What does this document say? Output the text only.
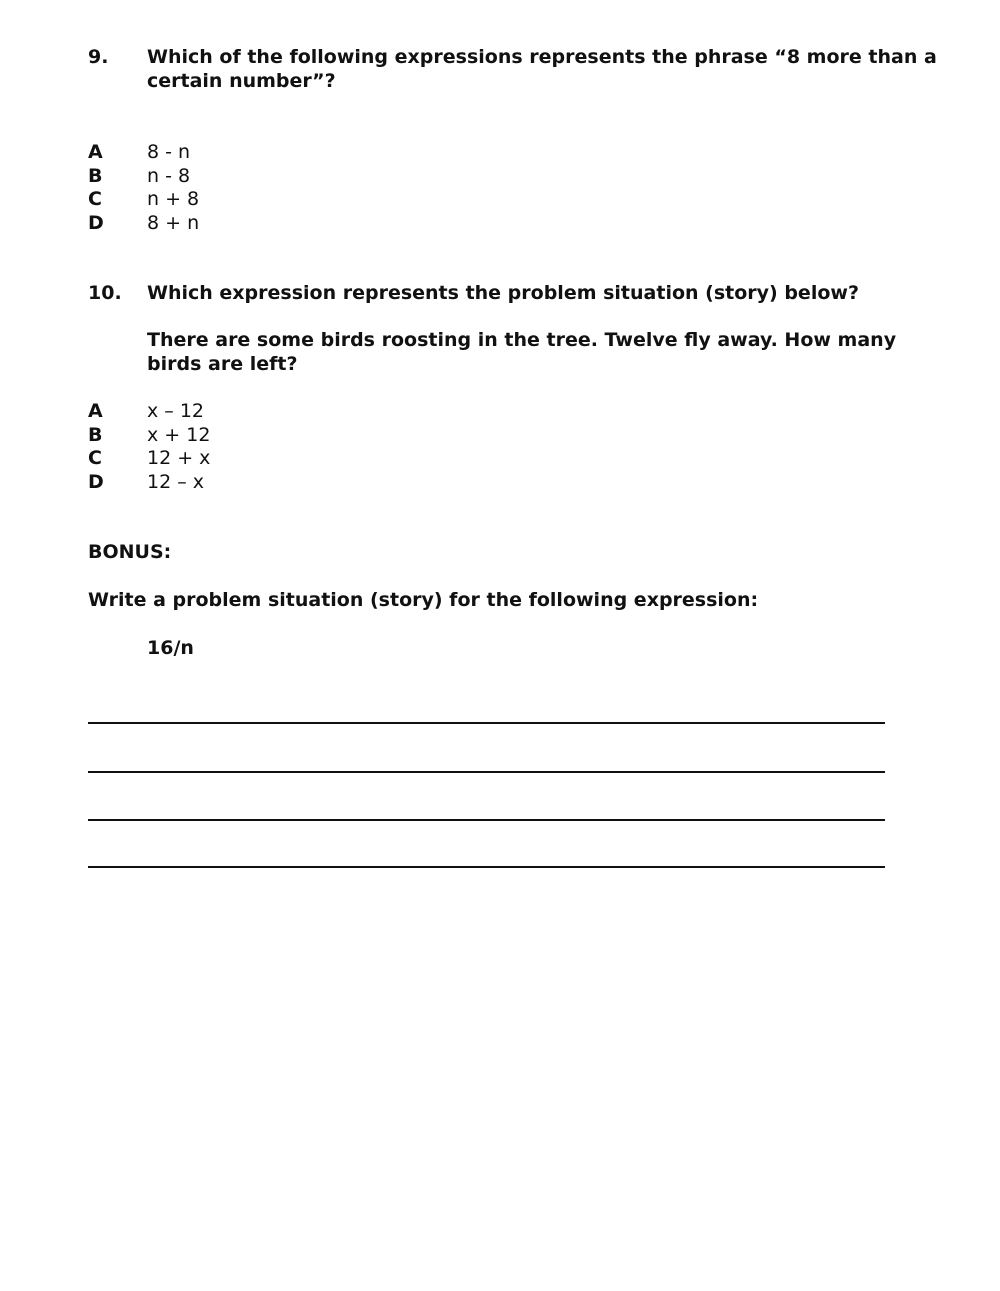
9. Which of the following expressions represents the phrase “8 more than a certain number”?
A 8 - n
B n - 8
C n + 8
D 8 + n
10. Which expression represents the problem situation (story) below?
There are some birds roosting in the tree. Twelve fly away. How many birds are left?
A x – 12
B x + 12
C 12 + x
D 12 – x
BONUS:
Write a problem situation (story) for the following expression:
16/n
